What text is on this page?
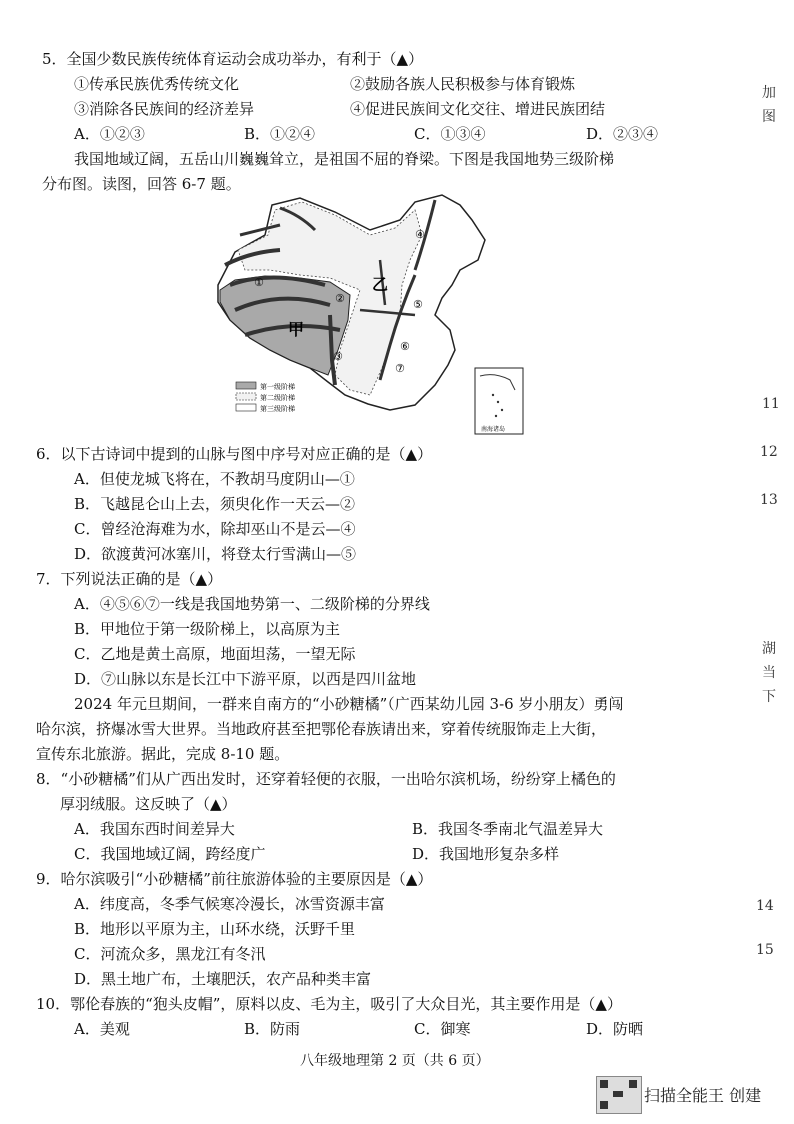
5．全国少数民族传统体育运动会成功举办，有利于（▲）
①传承民族优秀传统文化	②鼓励各族人民积极参与体育锻炼
③消除各民族间的经济差异	④促进民族间文化交往、增进民族团结
A．①②③	B．①②④	C．①③④	D．②③④
我国地域辽阔，五岳山川巍巍耸立，是祖国不屈的脊梁。下图是我国地势三级阶梯
分布图。读图，回答 6-7 题。
①
②
③
④
⑤
⑥
⑦
甲
乙
第一级阶梯
第二级阶梯
第三级阶梯
南海诸岛
6．以下古诗词中提到的山脉与图中序号对应正确的是（▲）
A．但使龙城飞将在，不教胡马度阴山—①
B．飞越昆仑山上去，须臾化作一天云—②
C．曾经沧海难为水，除却巫山不是云—④
D．欲渡黄河冰塞川，将登太行雪满山—⑤
7．下列说法正确的是（▲）
A．④⑤⑥⑦一线是我国地势第一、二级阶梯的分界线
B．甲地位于第一级阶梯上，以高原为主
C．乙地是黄土高原，地面坦荡，一望无际
D．⑦山脉以东是长江中下游平原，以西是四川盆地
2024 年元旦期间，一群来自南方的“小砂糖橘”（广西某幼儿园 3-6 岁小朋友）勇闯
哈尔滨，挤爆冰雪大世界。当地政府甚至把鄂伦春族请出来，穿着传统服饰走上大街，
宣传东北旅游。据此，完成 8-10 题。
8．“小砂糖橘”们从广西出发时，还穿着轻便的衣服，一出哈尔滨机场，纷纷穿上橘色的
厚羽绒服。这反映了（▲）
A．我国东西时间差异大	B．我国冬季南北气温差异大
C．我国地域辽阔，跨经度广	D．我国地形复杂多样
9．哈尔滨吸引“小砂糖橘”前往旅游体验的主要原因是（▲）
A．纬度高，冬季气候寒冷漫长，冰雪资源丰富
B．地形以平原为主，山环水绕，沃野千里
C．河流众多，黑龙江有冬汛
D．黑土地广布，土壤肥沃，农产品种类丰富
10．鄂伦春族的“狍头皮帽”，原料以皮、毛为主，吸引了大众目光，其主要作用是（▲）
A．美观	B．防雨	C．御寒	D．防晒
八年级地理第 2 页（共 6 页）
扫描全能王 创建
加
图
11
12
13
湖
当
下
14
15
